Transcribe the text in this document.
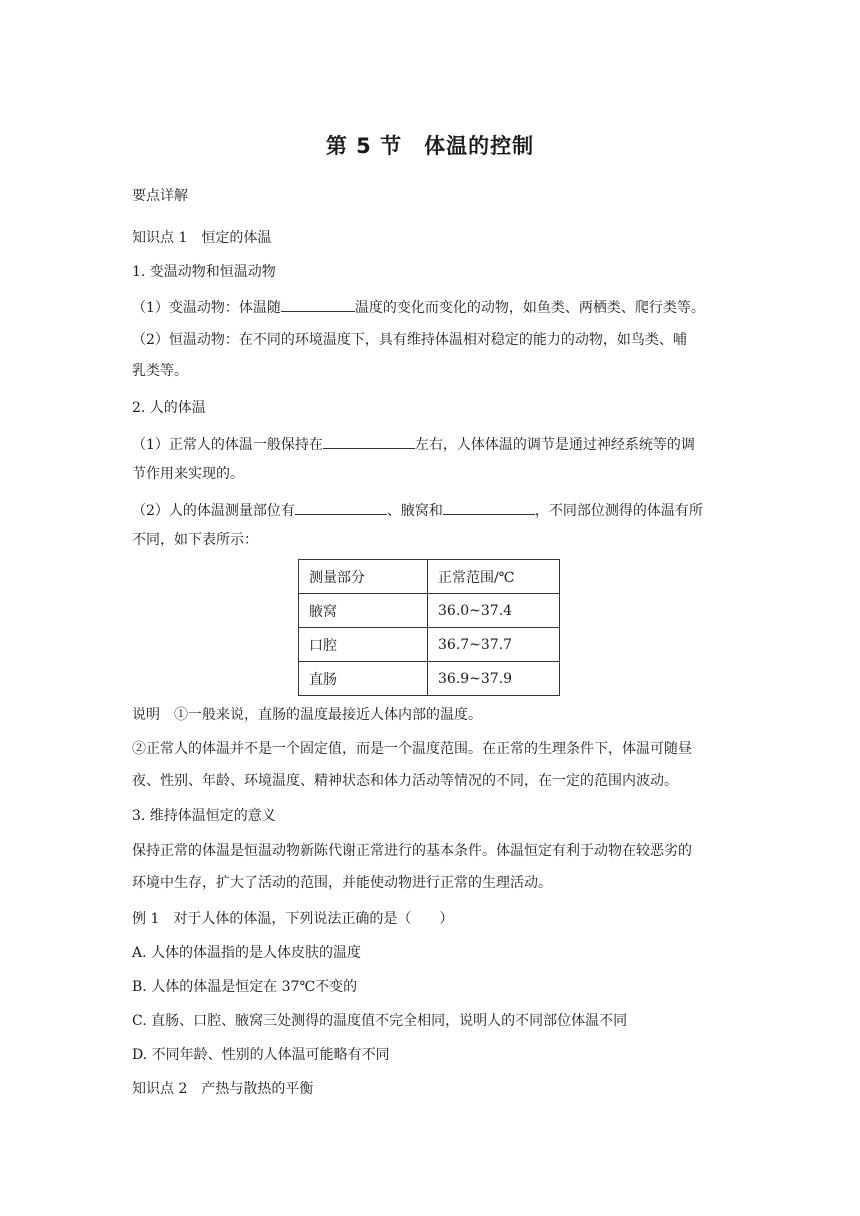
第 5 节　体温的控制
要点详解
知识点 1　恒定的体温
1. 变温动物和恒温动物
（1）变温动物：体温随	温度的变化而变化的动物，如鱼类、两栖类、爬行类等。
（2）恒温动物：在不同的环境温度下，具有维持体温相对稳定的能力的动物，如鸟类、哺
乳类等。
2. 人的体温
（1）正常人的体温一般保持在	左右，人体体温的调节是通过神经系统等的调
节作用来实现的。
（2）人的体温测量部位有	、腋窝和	，不同部位测得的体温有所
不同，如下表所示：
测量部分	正常范围/℃
腋窝	36.0~37.4
口腔	36.7~37.7
直肠	36.9~37.9
说明　①一般来说，直肠的温度最接近人体内部的温度。
②正常人的体温并不是一个固定值，而是一个温度范围。在正常的生理条件下，体温可随昼
夜、性别、年龄、环境温度、精神状态和体力活动等情况的不同，在一定的范围内波动。
3. 维持体温恒定的意义
保持正常的体温是恒温动物新陈代谢正常进行的基本条件。体温恒定有利于动物在较恶劣的
环境中生存，扩大了活动的范围，并能使动物进行正常的生理活动。
例 1　对于人体的体温，下列说法正确的是（　　）
A. 人体的体温指的是人体皮肤的温度
B. 人体的体温是恒定在 37℃不变的
C. 直肠、口腔、腋窝三处测得的温度值不完全相同，说明人的不同部位体温不同
D. 不同年龄、性别的人体温可能略有不同
知识点 2　产热与散热的平衡
